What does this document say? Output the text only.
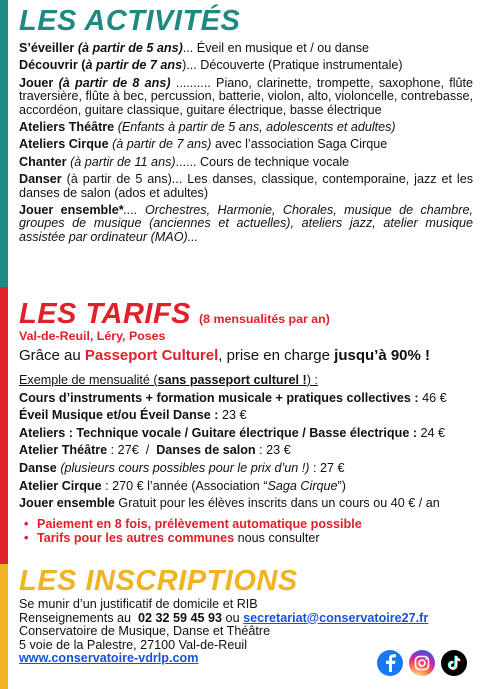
LES ACTIVITÉS

S’éveiller (à partir de 5 ans)... Éveil en musique et / ou danse

Découvrir (à partir de 7 ans)... Découverte (Pratique instrumentale)

Jouer (à partir de 8 ans) .......... Piano, clarinette, trompette, saxophone, flûte traversière, flûte à bec, percussion, batterie, violon, alto, violoncelle, contrebasse, accordéon, guitare classique, guitare électrique, basse électrique

Ateliers Théâtre (Enfants à partir de 5 ans, adolescents et adultes)

Ateliers Cirque (à partir de 7 ans) avec l’association Saga Cirque

Chanter (à partir de 11 ans)...... Cours de technique vocale

Danser (à partir de 5 ans)... Les danses, classique, contemporaine, jazz et les danses de salon (ados et adultes)

Jouer ensemble*.... Orchestres, Harmonie, Chorales, musique de chambre, groupes de musique (anciennes et actuelles), ateliers jazz, atelier musique assistée par ordinateur (MAO)...

LES TARIFS (8 mensualités par an)

Val-de-Reuil, Léry, Poses

Grâce au Passeport Culturel, prise en charge jusqu’à 90% !

Exemple de mensualité (sans passeport culturel !) :

Cours d’instruments + formation musicale + pratiques collectives : 46 €

Éveil Musique et/ou Éveil Danse : 23 €

Ateliers : Technique vocale / Guitare électrique / Basse électrique : 24 €

Atelier Théâtre : 27€  /  Danses de salon : 23 €

Danse (plusieurs cours possibles pour le prix d’un !) : 27 €

Atelier Cirque : 270 € l’année (Association “Saga Cirque”)

Jouer ensemble Gratuit pour les élèves inscrits dans un cours ou 40 € / an

• Paiement en 8 fois, prélèvement automatique possible
• Tarifs pour les autres communes nous consulter
LES INSCRIPTIONS

Se munir d’un justificatif de domicile et RIB

Renseignements au  02 32 59 45 93 ou secretariat@conservatoire27.fr

Conservatoire de Musique, Danse et Théâtre

5 voie de la Palestre, 27100 Val-de-Reuil

www.conservatoire-vdrlp.com
